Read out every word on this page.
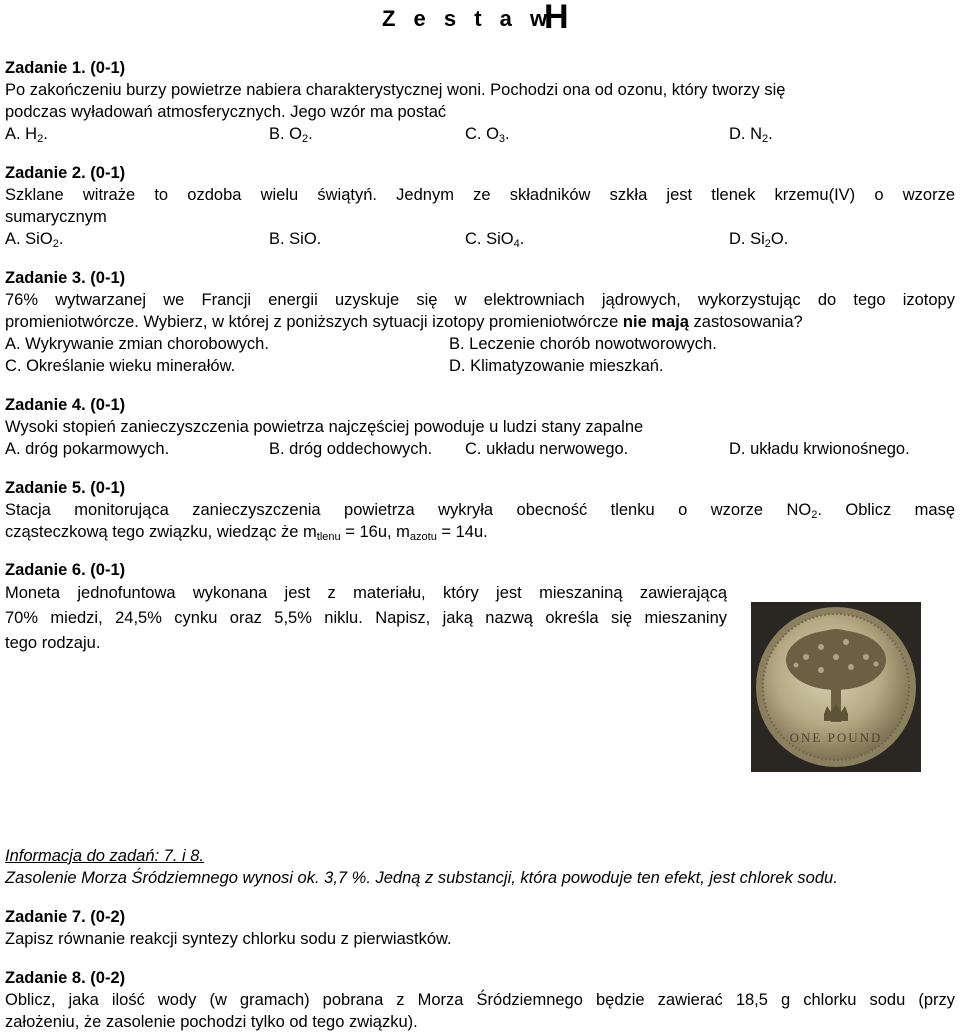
Z e s t a w
H
Zadanie 1. (0-1)
Po zakończeniu burzy powietrze nabiera charakterystycznej woni. Pochodzi ona od ozonu, który tworzy się
podczas wyładowań atmosferycznych. Jego wzór ma postać
A. $H_2$.	B. $O_2$.	C. $O_3$.	D. $N_2$.
Zadanie 2. (0-1)
Szklane witraże to ozdoba wielu świątyń. Jednym ze składników szkła jest tlenek krzemu(IV) o wzorze
sumarycznym
A. SiO$_2$.	B. SiO.	C. SiO$_4$.	D. $Si_2O$.
Zadanie 3. (0-1)
76% wytwarzanej we Francji energii uzyskuje się w elektrowniach jądrowych, wykorzystując do tego izotopy
promieniotwórcze. Wybierz, w której z poniższych sytuacji izotopy promieniotwórcze nie mają zastosowania?
A. Wykrywanie zmian chorobowych.	B. Leczenie chorób nowotworowych.
C. Określanie wieku minerałów.	D. Klimatyzowanie mieszkań.
Zadanie 4. (0-1)
Wysoki stopień zanieczyszczenia powietrza najczęściej powoduje u ludzi stany zapalne
A. dróg pokarmowych.	B. dróg oddechowych. C. układu nerwowego.	D. układu krwionośnego.
Zadanie 5. (0-1)
Stacja monitorująca zanieczyszczenia powietrza wykryła obecność tlenku o wzorze $NO_2$. Oblicz masę
cząsteczkową tego związku, wiedząc że $m_{tlenu} = 16u$, $m_{azotu} = 14u$.
Zadanie 6. (0-1)
Moneta jednofuntowa wykonana jest z materiału, który jest mieszaniną zawierającą
70% miedzi, 24,5% cynku oraz 5,5% niklu. Napisz, jaką nazwą określa się mieszaniny
tego rodzaju.
ONE POUND
Informacja do zadań: 7. i 8.
Zasolenie Morza Śródziemnego wynosi ok. 3,7 %. Jedną z substancji, która powoduje ten efekt, jest chlorek sodu.
Zadanie 7. (0-2)
Zapisz równanie reakcji syntezy chlorku sodu z pierwiastków.
Zadanie 8. (0-2)
Oblicz, jaka ilość wody (w gramach) pobrana z Morza Śródziemnego będzie zawierać 18,5 g chlorku sodu (przy
założeniu, że zasolenie pochodzi tylko od tego związku).
